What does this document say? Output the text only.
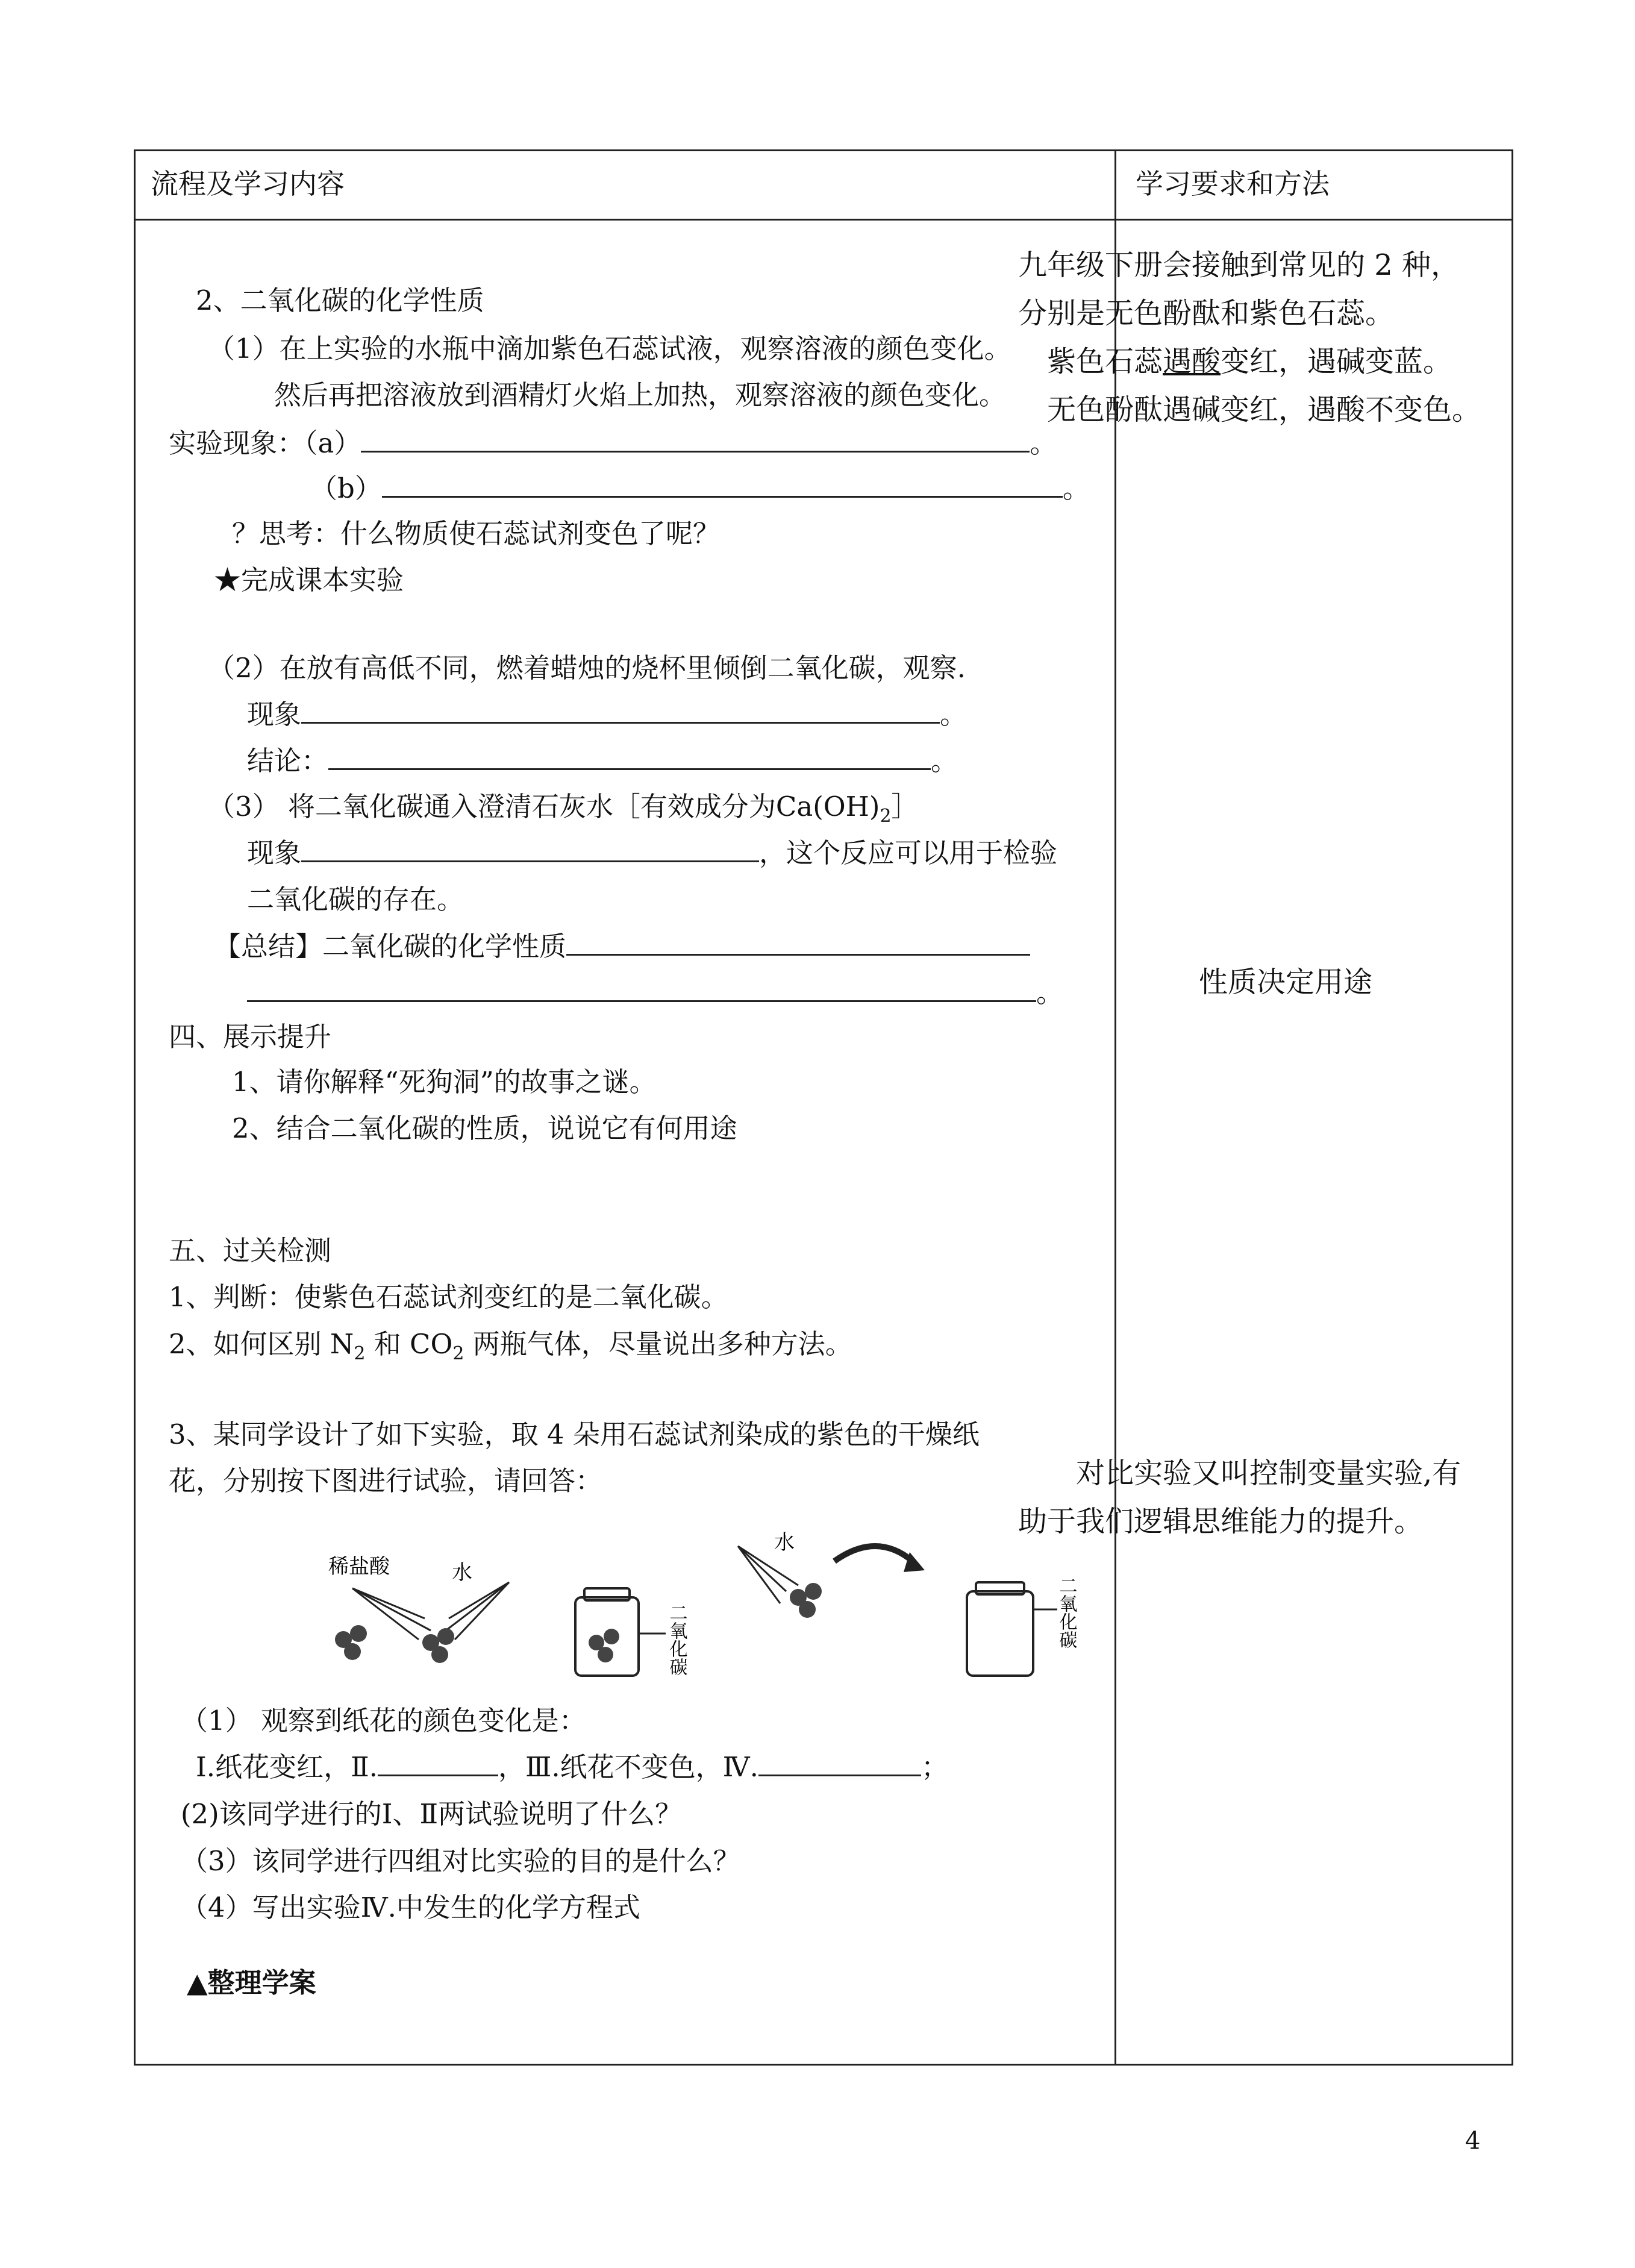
流程及学习内容	学习要求和方法
2、二氧化碳的化学性质
（1）在上实验的水瓶中滴加紫色石蕊试液，观察溶液的颜色变化。
然后再把溶液放到酒精灯火焰上加热，观察溶液的颜色变化。
实验现象：（a）	。
（b）	。
？思考：什么物质使石蕊试剂变色了呢？
★完成课本实验
（2）在放有高低不同，燃着蜡烛的烧杯里倾倒二氧化碳，观察.
现象	。
结论：	。
（3） 将二氧化碳通入澄清石灰水［有效成分为$Ca(OH)_2]$
现象	，这个反应可以用于检验
二氧化碳的存在。
【总结】二氧化碳的化学性质
。
四、展示提升
1、请你解释“死狗洞”的故事之谜。
2、结合二氧化碳的性质，说说它有何用途
五、过关检测
1、判断：使紫色石蕊试剂变红的是二氧化碳。
2、如何区别 $N_2$ 和 $CO_2$ 两瓶气体，尽量说出多种方法。
3、某同学设计了如下实验，取 4 朵用石蕊试剂染成的紫色的干燥纸
花，分别按下图进行试验，请回答：
稀盐酸	水
二氧化碳
水
二氧化碳
（1） 观察到纸花的颜色变化是：
Ⅰ.纸花变红，Ⅱ.	，Ⅲ.纸花不变色，Ⅳ.	；
(2)该同学进行的Ⅰ、Ⅱ两试验说明了什么？
（3）该同学进行四组对比实验的目的是什么？
（4）写出实验Ⅳ.中发生的化学方程式
▲整理学案
九年级下册会接触到常见的 2 种，分别是无色酚酞和紫色石蕊。
紫色石蕊遇酸变红，遇碱变蓝。
无色酚酞遇碱变红，遇酸不变色。
性质决定用途
对比实验又叫控制变量实验,有助于我们逻辑思维能力的提升。
4
